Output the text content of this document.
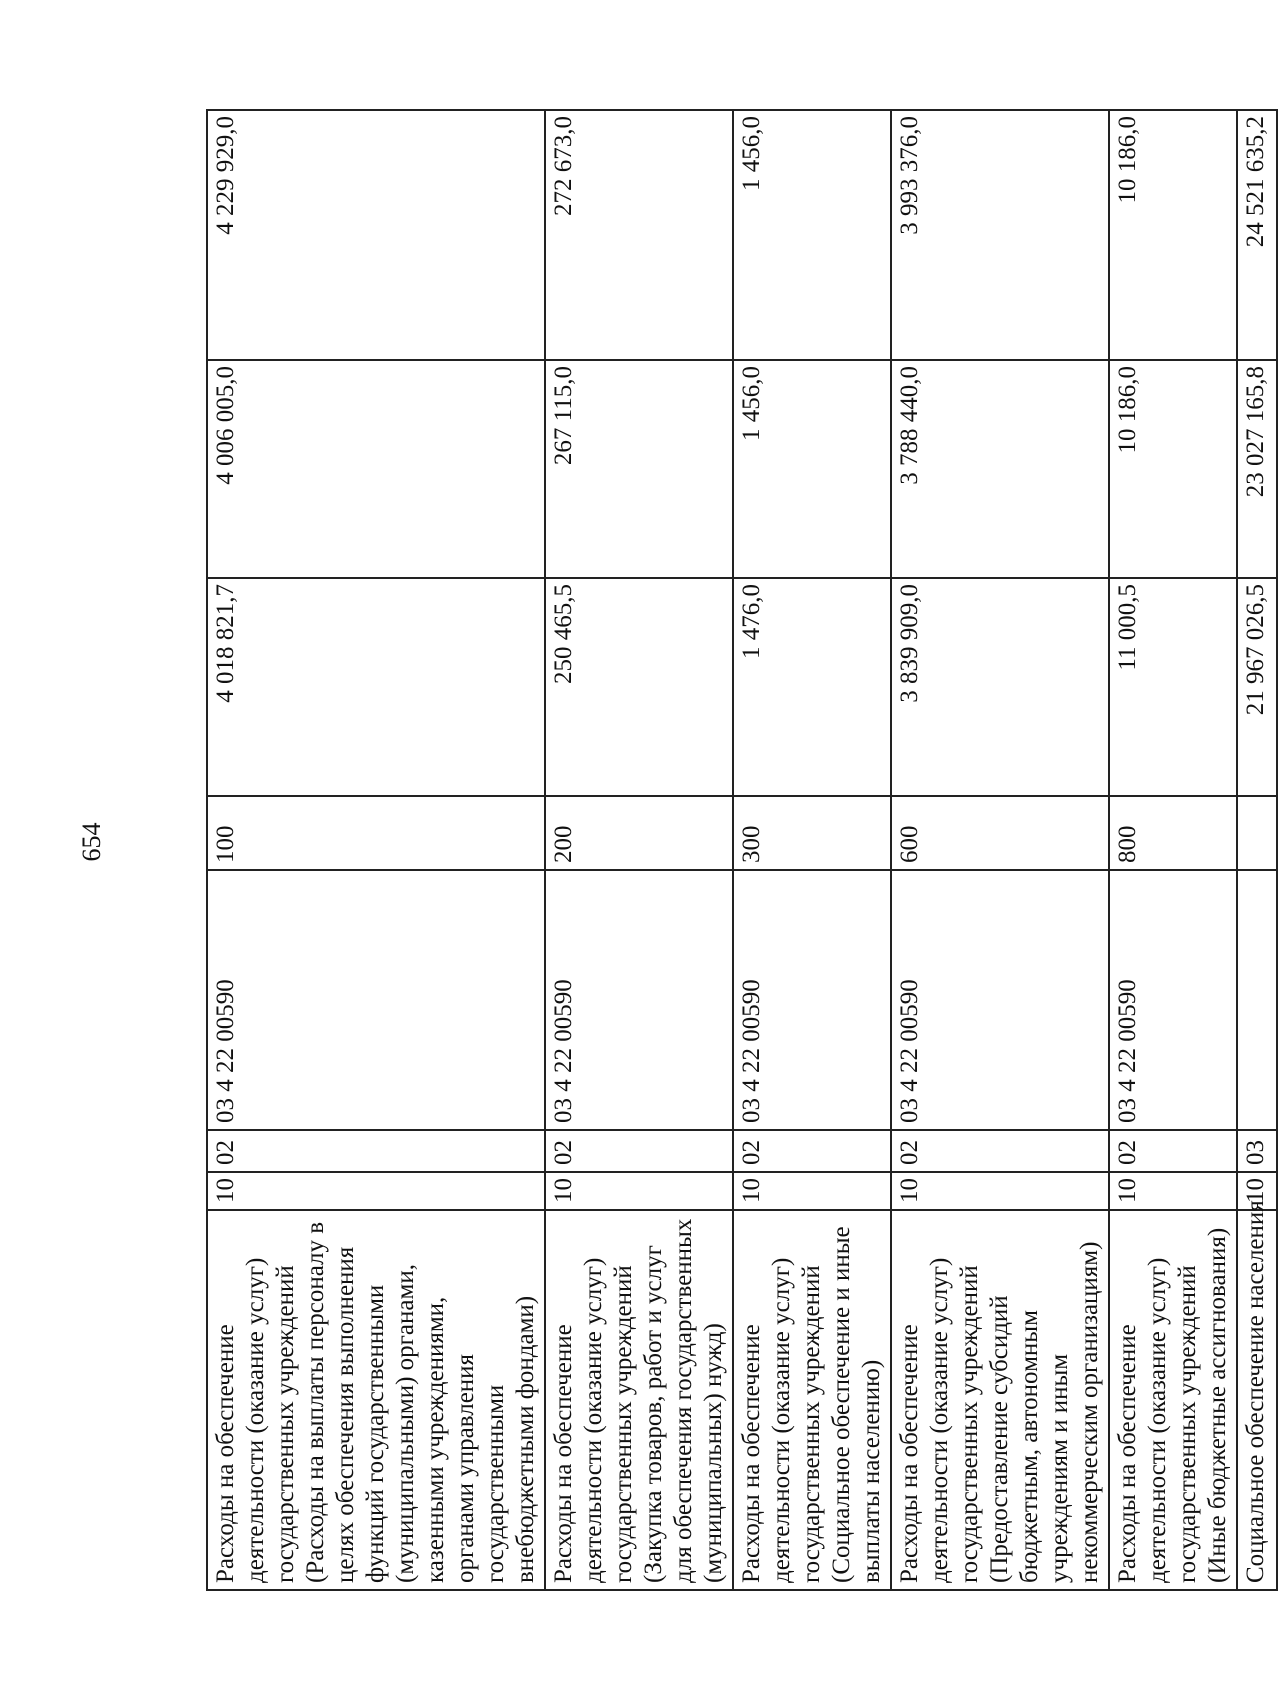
654
Расходы на обеспечение деятельности (оказание услуг) государственных учреждений (Расходы на выплаты персоналу в целях обеспечения выполнения функций государственными (муниципальными) органами, казенными учреждениями, органами управления государственными внебюджетными фондами)	10	02	03 4 22 00590	100	4 018 821,7	4 006 005,0	4 229 929,0
Расходы на обеспечение деятельности (оказание услуг) государственных учреждений (Закупка товаров, работ и услуг для обеспечения государственных (муниципальных) нужд)	10	02	03 4 22 00590	200	250 465,5	267 115,0	272 673,0
Расходы на обеспечение деятельности (оказание услуг) государственных учреждений (Социальное обеспечение и иные выплаты населению)	10	02	03 4 22 00590	300	1 476,0	1 456,0	1 456,0
Расходы на обеспечение деятельности (оказание услуг) государственных учреждений (Предоставление субсидий бюджетным, автономным учреждениям и иным некоммерческим организациям)	10	02	03 4 22 00590	600	3 839 909,0	3 788 440,0	3 993 376,0
Расходы на обеспечение деятельности (оказание услуг) государственных учреждений (Иные бюджетные ассигнования)	10	02	03 4 22 00590	800	11 000,5	10 186,0	10 186,0
Социальное обеспечение населения	10	03			21 967 026,5	23 027 165,8	24 521 635,2
